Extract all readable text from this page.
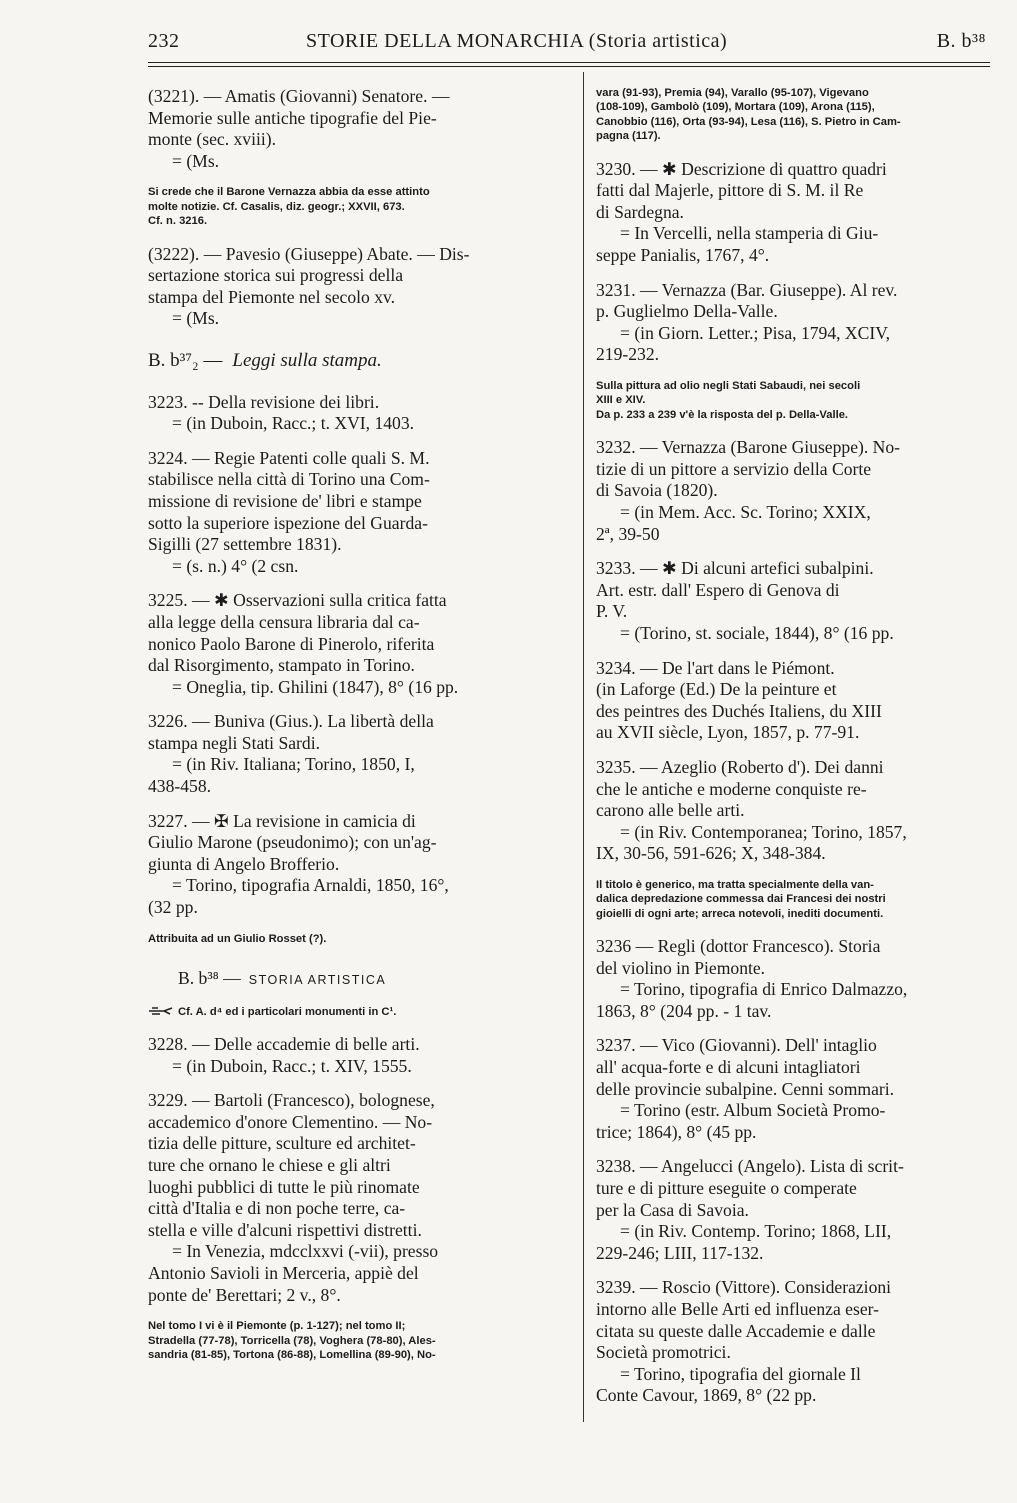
232	STORIE DELLA MONARCHIA (Storia artistica)	B. b³⁸
(3221). — Amatis (Giovanni) Senatore. —
Memorie sulle antiche tipografie del Pie-
monte (sec. xviii).
= (Ms.
Si crede che il Barone Vernazza abbia da esse attinto
molte notizie. Cf. Casalis, diz. geogr.; XXVII, 673.
Cf. n. 3216.
(3222). — Pavesio (Giuseppe) Abate. — Dis-
sertazione storica sui progressi della
stampa del Piemonte nel secolo xv.
= (Ms.
B. b³⁷₂ — Leggi sulla stampa.
3223. -- Della revisione dei libri.
= (in Duboin, Racc.; t. XVI, 1403.
3224. — Regie Patenti colle quali S. M.
stabilisce nella città di Torino una Com-
missione di revisione de' libri e stampe
sotto la superiore ispezione del Guarda-
Sigilli (27 settembre 1831).
= (s. n.) 4° (2 csn.
3225. — ✱ Osservazioni sulla critica fatta
alla legge della censura libraria dal ca-
nonico Paolo Barone di Pinerolo, riferita
dal Risorgimento, stampato in Torino.
= Oneglia, tip. Ghilini (1847), 8° (16 pp.
3226. — Buniva (Gius.). La libertà della
stampa negli Stati Sardi.
= (in Riv. Italiana; Torino, 1850, I,
438-458.
3227. — ✠ La revisione in camicia di
Giulio Marone (pseudonimo); con un'ag-
giunta di Angelo Brofferio.
= Torino, tipografia Arnaldi, 1850, 16°,
(32 pp.
Attribuita ad un Giulio Rosset (?).
B. b³⁸ — STORIA ARTISTICA
Cf. A. d⁴ ed i particolari monumenti in C¹.
3228. — Delle accademie di belle arti.
= (in Duboin, Racc.; t. XIV, 1555.
3229. — Bartoli (Francesco), bolognese,
accademico d'onore Clementino. — No-
tizia delle pitture, sculture ed architet-
ture che ornano le chiese e gli altri
luoghi pubblici di tutte le più rinomate
città d'Italia e di non poche terre, ca-
stella e ville d'alcuni rispettivi distretti.
= In Venezia, mdcclxxvi (-vii), presso
Antonio Savioli in Merceria, appiè del
ponte de' Berettari; 2 v., 8°.
Nel tomo I vi è il Piemonte (p. 1-127); nel tomo II;
Stradella (77-78), Torricella (78), Voghera (78-80), Ales-
sandria (81-85), Tortona (86-88), Lomellina (89-90), No-
vara (91-93), Premia (94), Varallo (95-107), Vigevano
(108-109), Gambolò (109), Mortara (109), Arona (115),
Canobbio (116), Orta (93-94), Lesa (116), S. Pietro in Cam-
pagna (117).
3230. — ✱ Descrizione di quattro quadri
fatti dal Majerle, pittore di S. M. il Re
di Sardegna.
= In Vercelli, nella stamperia di Giu-
seppe Panialis, 1767, 4°.
3231. — Vernazza (Bar. Giuseppe). Al rev.
p. Guglielmo Della-Valle.
= (in Giorn. Letter.; Pisa, 1794, XCIV,
219-232.
Sulla pittura ad olio negli Stati Sabaudi, nei secoli
XIII e XIV.
Da p. 233 a 239 v'è la risposta del p. Della-Valle.
3232. — Vernazza (Barone Giuseppe). No-
tizie di un pittore a servizio della Corte
di Savoia (1820).
= (in Mem. Acc. Sc. Torino; XXIX,
2ª, 39-50
3233. — ✱ Di alcuni artefici subalpini.
Art. estr. dall' Espero di Genova di
P. V.
= (Torino, st. sociale, 1844), 8° (16 pp.
3234. — De l'art dans le Piémont.
(in Laforge (Ed.) De la peinture et
des peintres des Duchés Italiens, du XIII
au XVII siècle, Lyon, 1857, p. 77-91.
3235. — Azeglio (Roberto d'). Dei danni
che le antiche e moderne conquiste re-
carono alle belle arti.
= (in Riv. Contemporanea; Torino, 1857,
IX, 30-56, 591-626; X, 348-384.
Il titolo è generico, ma tratta specialmente della van-
dalica depredazione commessa dai Francesi dei nostri
gioielli di ogni arte; arreca notevoli, inediti documenti.
3236 — Regli (dottor Francesco). Storia
del violino in Piemonte.
= Torino, tipografia di Enrico Dalmazzo,
1863, 8° (204 pp. - 1 tav.
3237. — Vico (Giovanni). Dell' intaglio
all' acqua-forte e di alcuni intagliatori
delle provincie subalpine. Cenni sommari.
= Torino (estr. Album Società Promo-
trice; 1864), 8° (45 pp.
3238. — Angelucci (Angelo). Lista di scrit-
ture e di pitture eseguite o comperate
per la Casa di Savoia.
= (in Riv. Contemp. Torino; 1868, LII,
229-246; LIII, 117-132.
3239. — Roscio (Vittore). Considerazioni
intorno alle Belle Arti ed influenza eser-
citata su queste dalle Accademie e dalle
Società promotrici.
= Torino, tipografia del giornale Il
Conte Cavour, 1869, 8° (22 pp.
